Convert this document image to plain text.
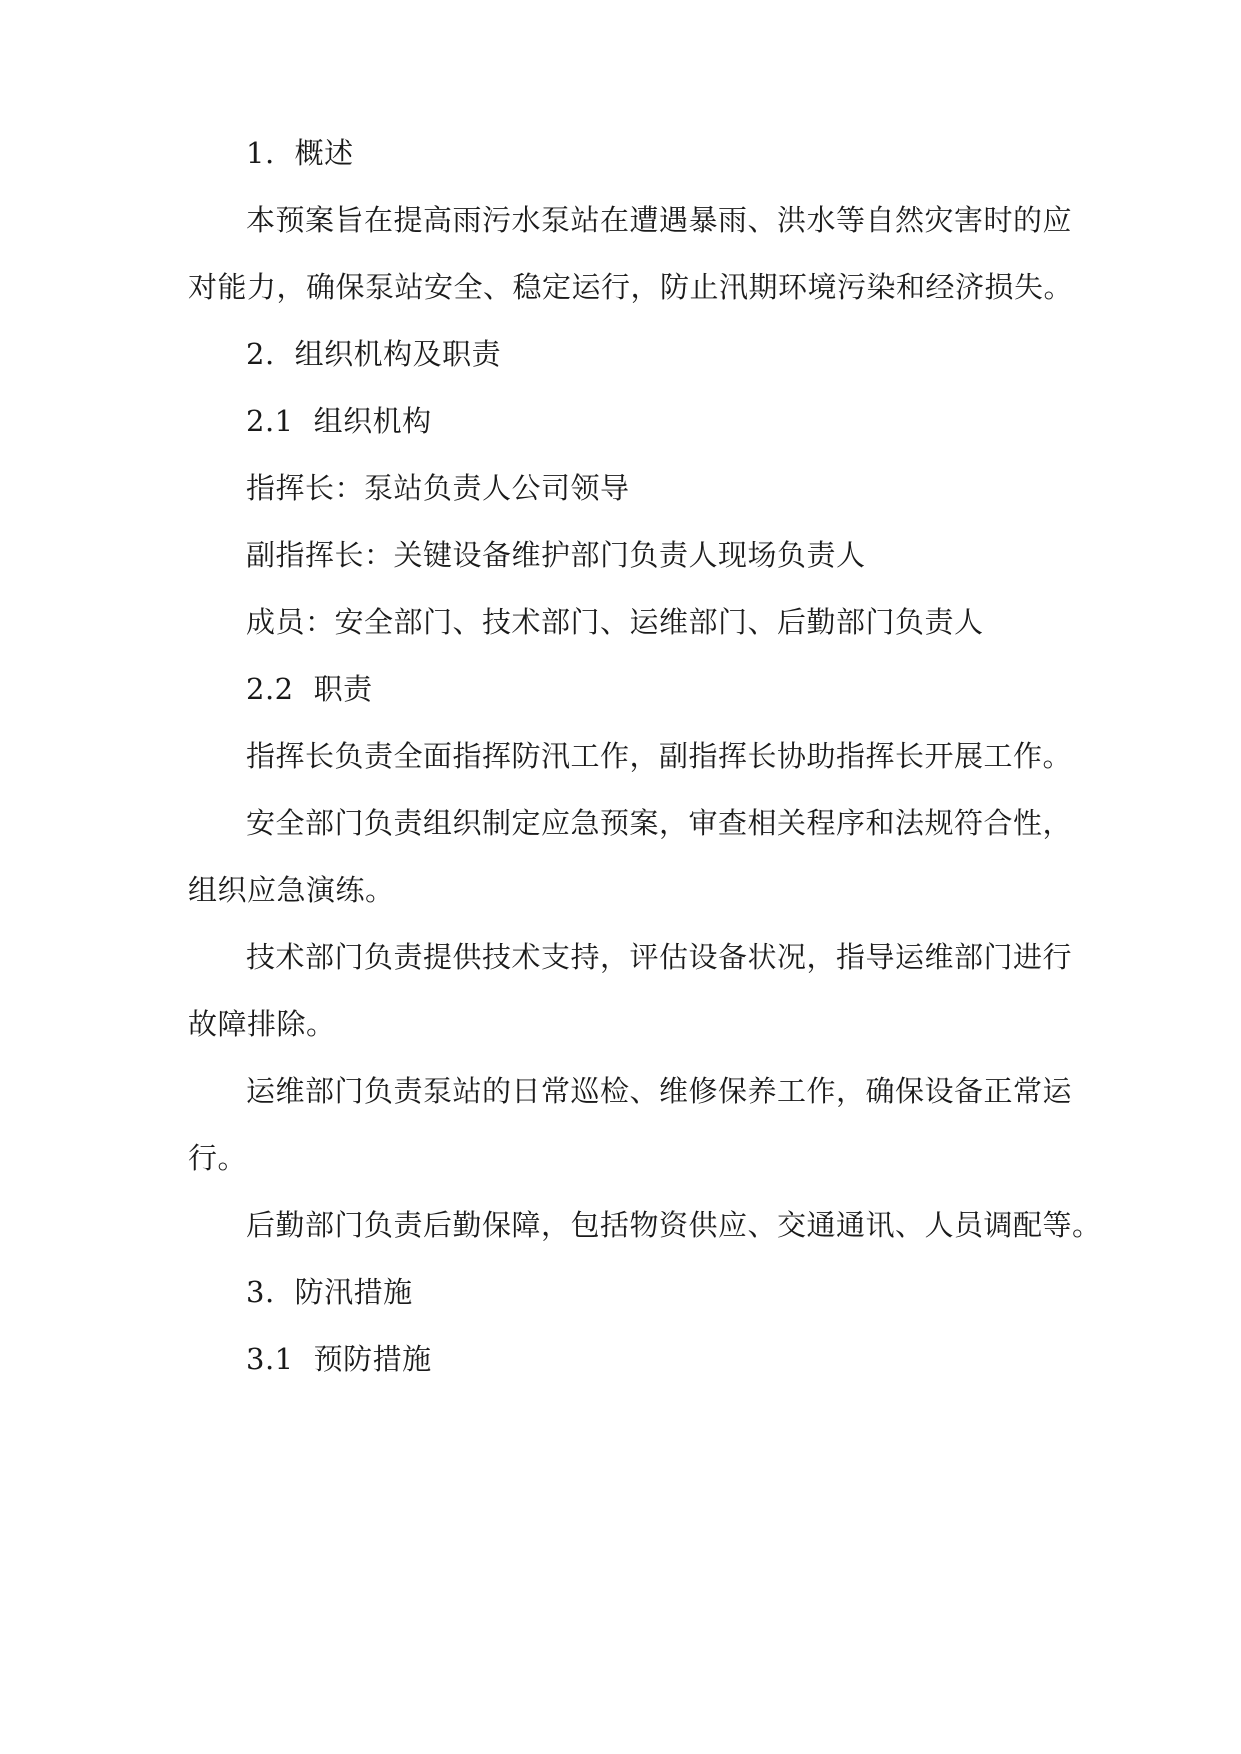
1. 概述
本预案旨在提高雨污水泵站在遭遇暴雨、洪水等自然灾害时的应
对能力，确保泵站安全、稳定运行，防止汛期环境污染和经济损失。
2. 组织机构及职责
2.1 组织机构
指挥长：泵站负责人公司领导
副指挥长：关键设备维护部门负责人现场负责人
成员：安全部门、技术部门、运维部门、后勤部门负责人
2.2 职责
指挥长负责全面指挥防汛工作，副指挥长协助指挥长开展工作。
安全部门负责组织制定应急预案，审查相关程序和法规符合性，
组织应急演练。
技术部门负责提供技术支持，评估设备状况，指导运维部门进行
故障排除。
运维部门负责泵站的日常巡检、维修保养工作，确保设备正常运
行。
后勤部门负责后勤保障，包括物资供应、交通通讯、人员调配等。
3. 防汛措施
3.1 预防措施
